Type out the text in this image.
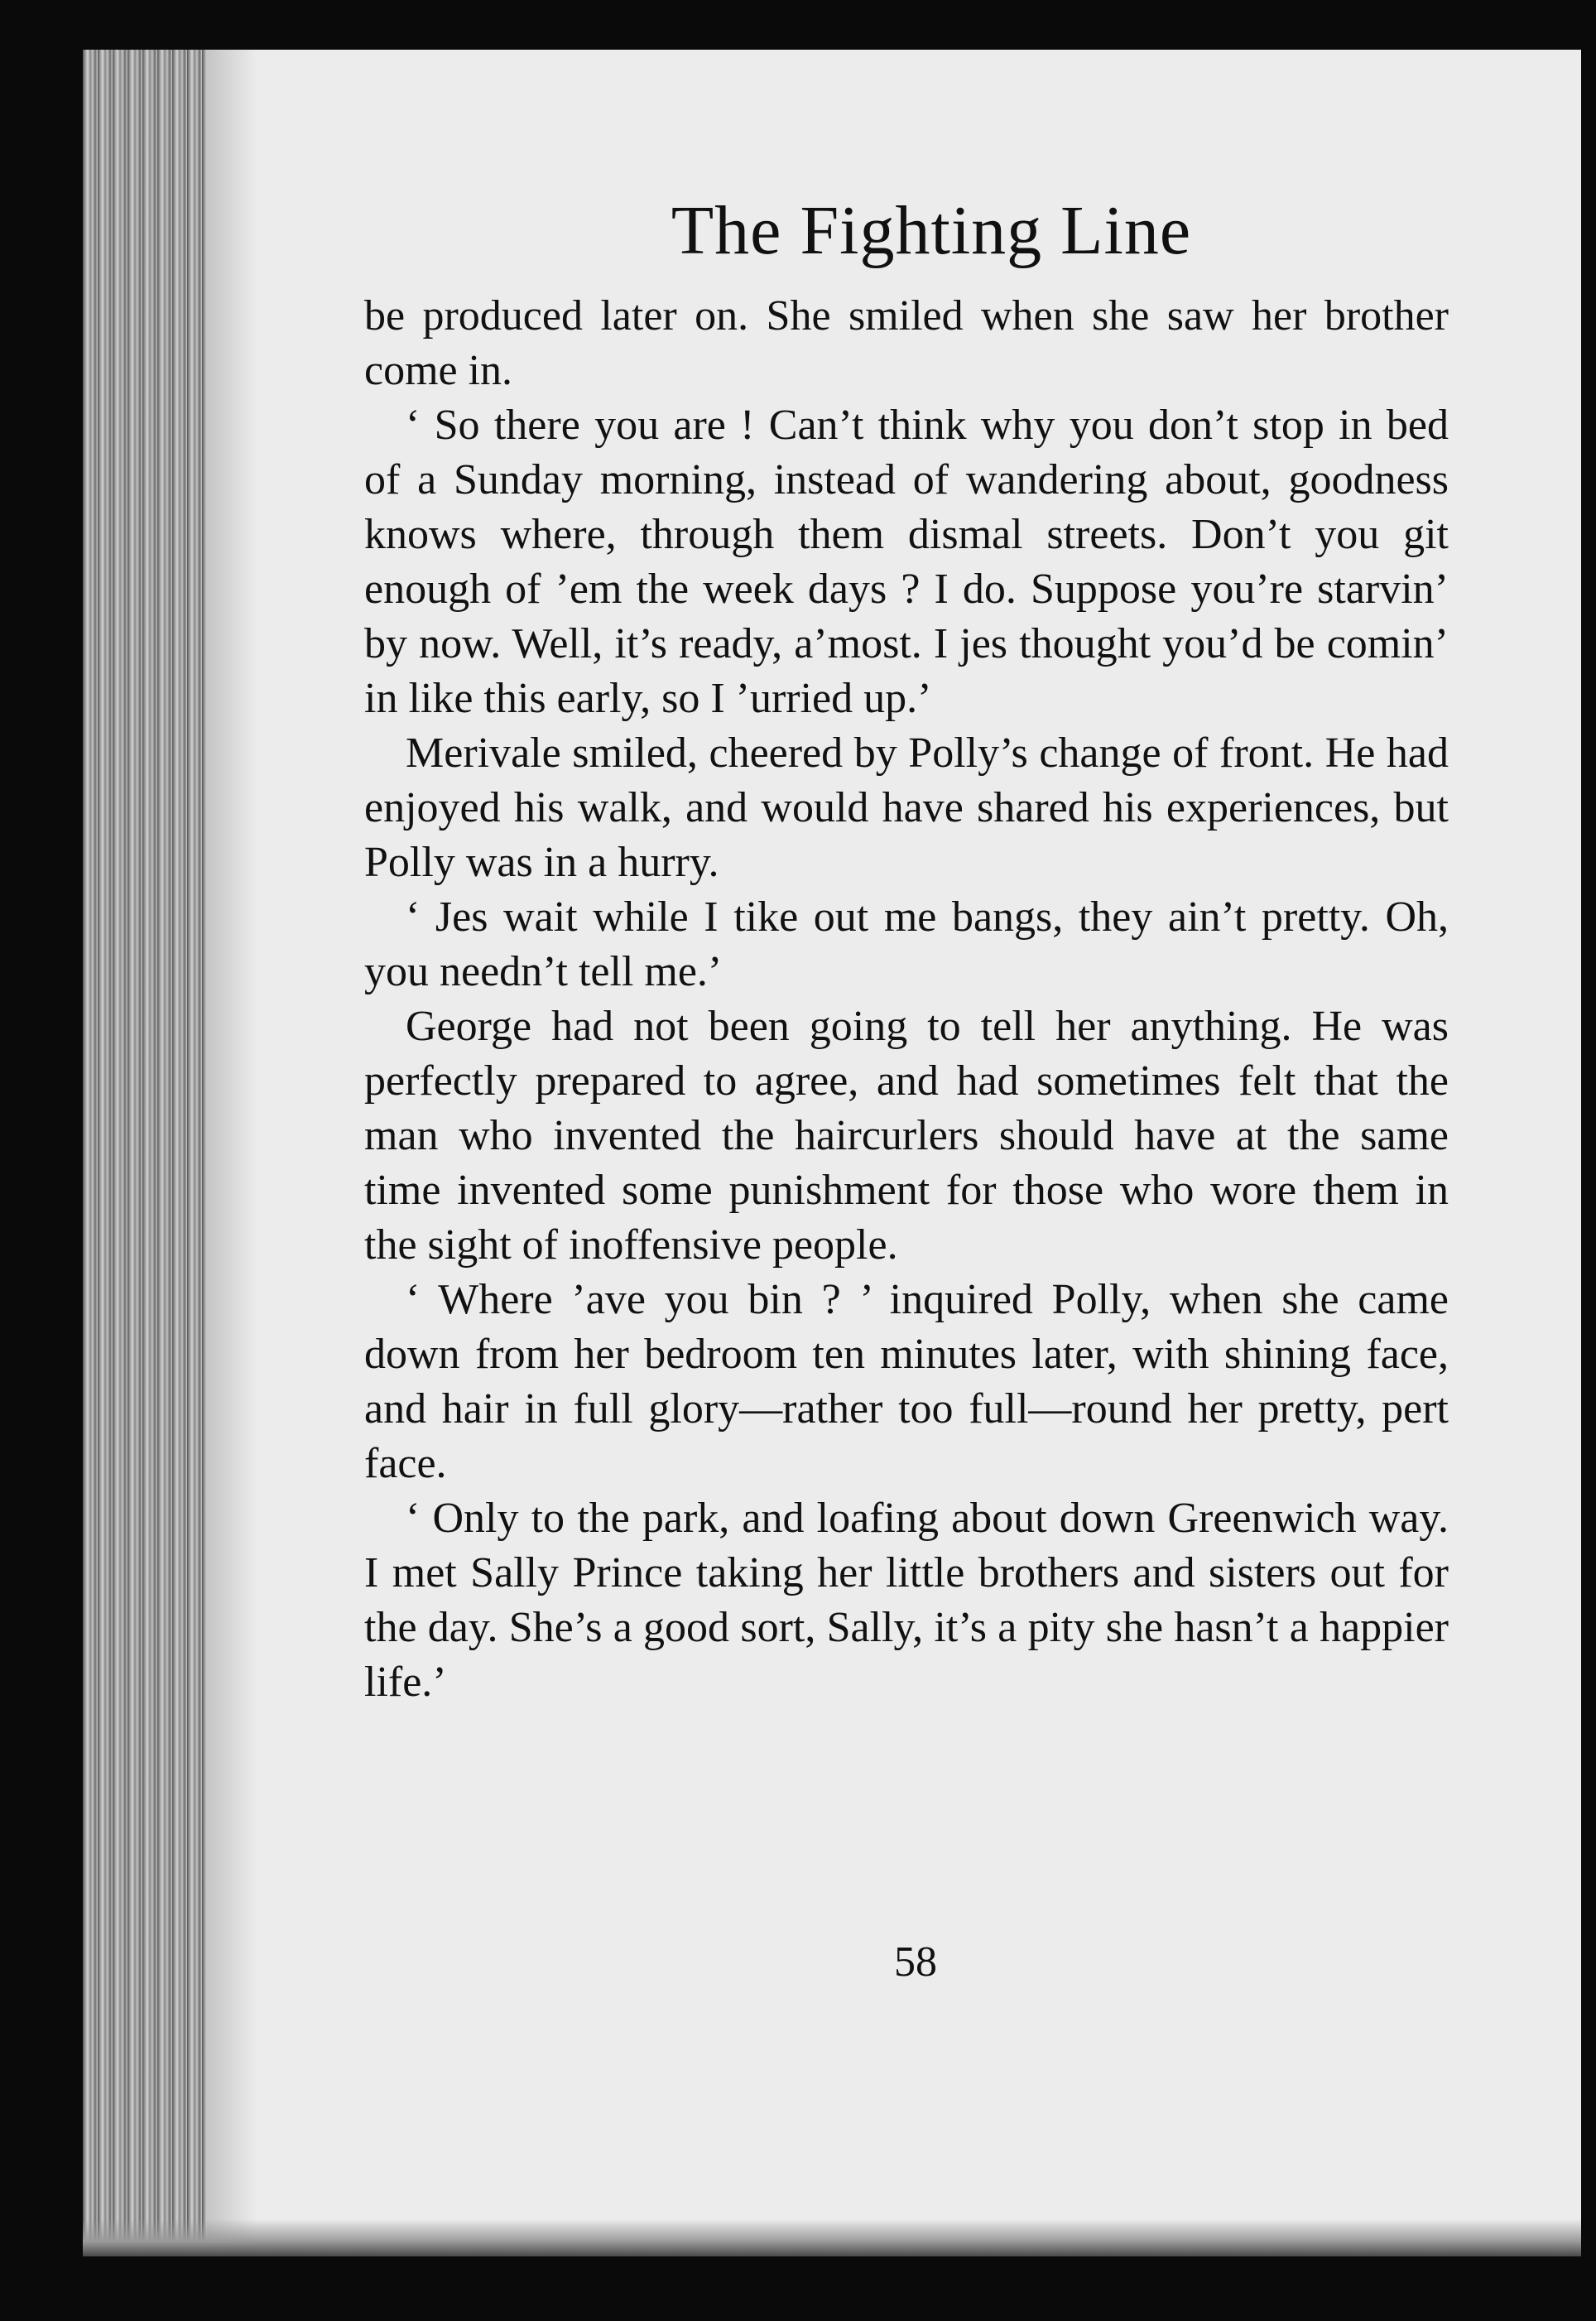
The Fighting Line

be produced later on. She smiled when she saw her brother come in.

‘ So there you are ! Can’t think why you don’t stop in bed of a Sunday morning, instead of wandering about, goodness knows where, through them dismal streets. Don’t you git enough of ’em the week days ? I do. Suppose you’re starvin’ by now. Well, it’s ready, a’most. I jes thought you’d be comin’ in like this early, so I ’urried up.’

Merivale smiled, cheered by Polly’s change of front. He had enjoyed his walk, and would have shared his experiences, but Polly was in a hurry.

‘ Jes wait while I tike out me bangs, they ain’t pretty. Oh, you needn’t tell me.’

George had not been going to tell her anything. He was perfectly prepared to agree, and had sometimes felt that the man who invented the haircurlers should have at the same time invented some punishment for those who wore them in the sight of inoffensive people.

‘ Where ’ave you bin ? ’ inquired Polly, when she came down from her bedroom ten minutes later, with shining face, and hair in full glory—rather too full—round her pretty, pert face.

‘ Only to the park, and loafing about down Greenwich way. I met Sally Prince taking her little brothers and sisters out for the day. She’s a good sort, Sally, it’s a pity she hasn’t a happier life.’

58
